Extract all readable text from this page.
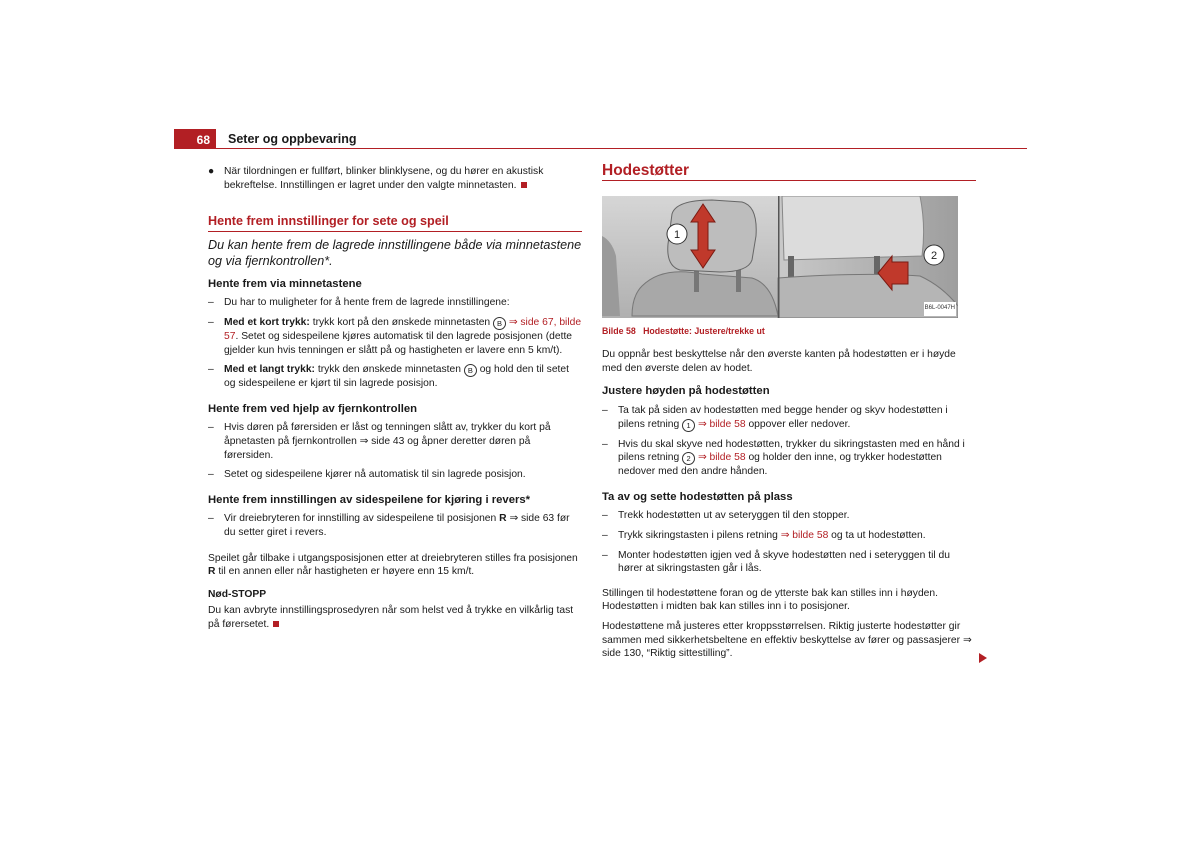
68	Seter og oppbevaring

● När tilordningen er fullført, blinker blinklysene, og du hører en akustisk bekreftelse. Innstillingen er lagret under den valgte minnetasten.

Hente frem innstillinger for sete og speil
Du kan hente frem de lagrede innstillingene både via minnetastene og via fjernkontrollen*.
Hente frem via minnetastene
– Du har to muligheter for å hente frem de lagrede innstillingene:
– Med et kort trykk: trykk kort på den ønskede minnetasten B ⇒ side 67, bilde 57. Setet og sidespeilene kjøres automatisk til den lagrede posisjonen (dette gjelder kun hvis tenningen er slått på og hastigheten er lavere enn 5 km/t).
– Med et langt trykk: trykk den ønskede minnetasten B og hold den til setet og sidespeilene er kjørt til sin lagrede posisjon.
Hente frem ved hjelp av fjernkontrollen
– Hvis døren på førersiden er låst og tenningen slått av, trykker du kort på åpnetasten på fjernkontrollen ⇒ side 43 og åpner deretter døren på førersiden.
– Setet og sidespeilene kjører nå automatisk til sin lagrede posisjon.
Hente frem innstillingen av sidespeilene for kjøring i revers*
– Vir dreiebryteren for innstilling av sidespeilene til posisjonen R ⇒ side 63 før du setter giret i revers.

Speilet går tilbake i utgangsposisjonen etter at dreiebryteren stilles fra posisjonen R til en annen eller når hastigheten er høyere enn 15 km/t.

Nød-STOPP

Du kan avbryte innstillingsprosedyren når som helst ved å trykke en vilkårlig tast på førersetet.

Hodestøtter
1
2
B6L-0047H
Bilde 58   Hodestøtte: Justere/trekke ut

Du oppnår best beskyttelse når den øverste kanten på hodestøtten er i høyde med den øverste delen av hodet.

Justere høyden på hodestøtten
– Ta tak på siden av hodestøtten med begge hender og skyv hodestøtten i pilens retning 1 ⇒ bilde 58 oppover eller nedover.
– Hvis du skal skyve ned hodestøtten, trykker du sikringstasten med en hånd i pilens retning 2 ⇒ bilde 58 og holder den inne, og trykker hodestøtten nedover med den andre hånden.
Ta av og sette hodestøtten på plass
– Trekk hodestøtten ut av seteryggen til den stopper.
– Trykk sikringstasten i pilens retning ⇒ bilde 58 og ta ut hodestøtten.
– Monter hodestøtten igjen ved å skyve hodestøtten ned i seteryggen til du hører at sikringstasten går i lås.

Stillingen til hodestøttene foran og de ytterste bak kan stilles inn i høyden. Hodestøtten i midten bak kan stilles inn i to posisjoner.

Hodestøttene må justeres etter kroppsstørrelsen. Riktig justerte hodestøtter gir sammen med sikkerhetsbeltene en effektiv beskyttelse av fører og passasjerer ⇒ side 130, “Riktig sittestilling”.
